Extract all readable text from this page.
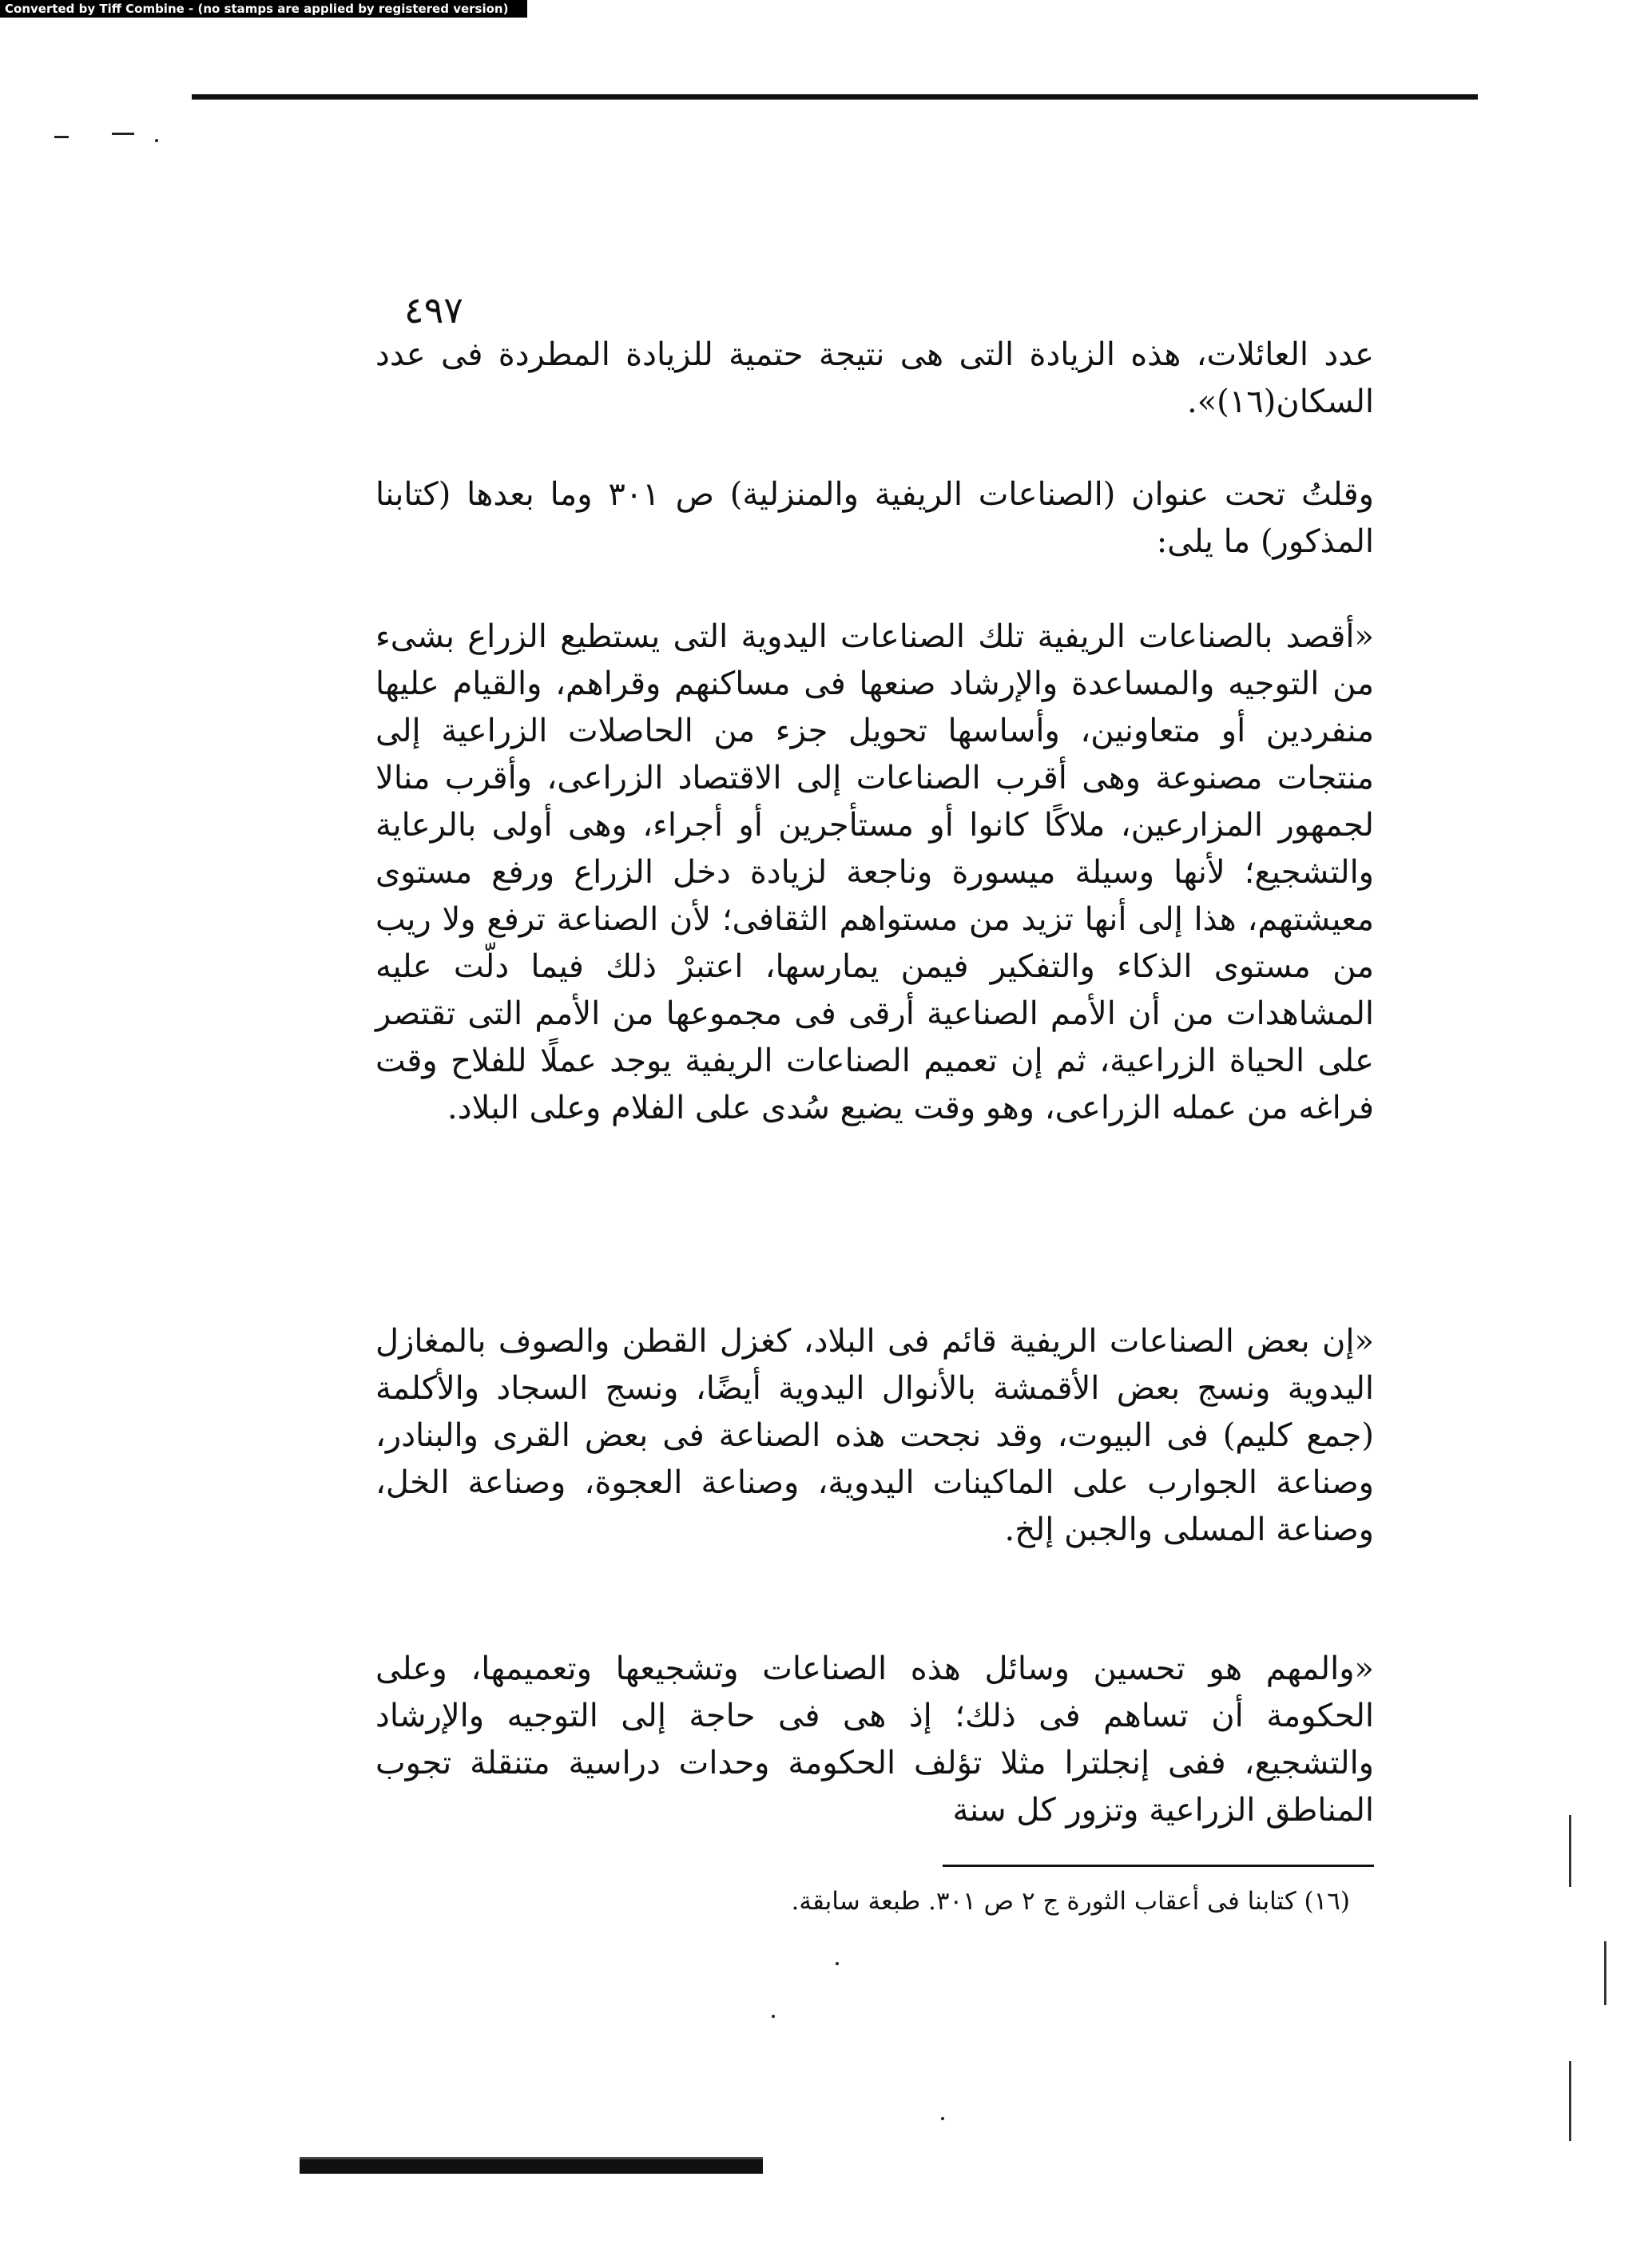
Converted by Tiff Combine - (no stamps are applied by registered version)
٤٩٧

عدد العائلات، هذه الزيادة التى هى نتيجة حتمية للزيادة المطردة فى عدد السكان(١٦)».

وقلتُ تحت عنوان (الصناعات الريفية والمنزلية) ص ٣٠١ وما بعدها (كتابنا المذكور) ما يلى:

«أقصد بالصناعات الريفية تلك الصناعات اليدوية التى يستطيع الزراع بشىء من التوجيه والمساعدة والإرشاد صنعها فى مساكنهم وقراهم، والقيام عليها منفردين أو متعاونين، وأساسها تحويل جزء من الحاصلات الزراعية إلى منتجات مصنوعة وهى أقرب الصناعات إلى الاقتصاد الزراعى، وأقرب منالا لجمهور المزارعين، ملاكًا كانوا أو مستأجرين أو أجراء، وهى أولى بالرعاية والتشجيع؛ لأنها وسيلة ميسورة وناجعة لزيادة دخل الزراع ورفع مستوى معيشتهم، هذا إلى أنها تزيد من مستواهم الثقافى؛ لأن الصناعة ترفع ولا ريب من مستوى الذكاء والتفكير فيمن يمارسها، اعتبرْ ذلك فيما دلّت عليه المشاهدات من أن الأمم الصناعية أرقى فى مجموعها من الأمم التى تقتصر على الحياة الزراعية، ثم إن تعميم الصناعات الريفية يوجد عملًا للفلاح وقت فراغه من عمله الزراعى، وهو وقت يضيع سُدى على الفلام وعلى البلاد.

«إن بعض الصناعات الريفية قائم فى البلاد، كغزل القطن والصوف بالمغازل اليدوية ونسج بعض الأقمشة بالأنوال اليدوية أيضًا، ونسج السجاد والأكلمة (جمع كليم) فى البيوت، وقد نجحت هذه الصناعة فى بعض القرى والبنادر، وصناعة الجوارب على الماكينات اليدوية، وصناعة العجوة، وصناعة الخل، وصناعة المسلى والجبن إلخ.

«والمهم هو تحسين وسائل هذه الصناعات وتشجيعها وتعميمها، وعلى الحكومة أن تساهم فى ذلك؛ إذ هى فى حاجة إلى التوجيه والإرشاد والتشجيع، ففى إنجلترا مثلا تؤلف الحكومة وحدات دراسية متنقلة تجوب المناطق الزراعية وتزور كل سنة

(١٦) كتابنا فى أعقاب الثورة ج ٢ ص ٣٠١. طبعة سابقة.
